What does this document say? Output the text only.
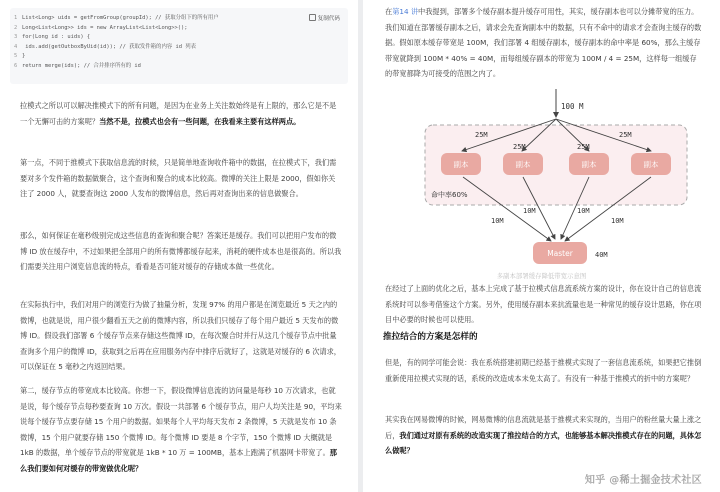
复制代码
1 List<Long> uids = getFromGroup(groupId); // 获取分组下的所有用户
2 Long<List<Long>> ids = new ArrayList<List<Long>>();
3 for(Long id : uids) {
4 ids.add(getOutboxByUid(id)); // 获取发件箱的内容 id 列表
5 }
6 return merge(ids); // 合并排序所有的 id

拉模式之所以可以解决推模式下的所有问题，是因为在业务上关注数始终是有上限的，那么它是不是一个无懈可击的方案呢？当然不是，拉模式也会有一些问题，在我看来主要有这样两点。

第一点，不同于推模式下获取信息流的时候，只是简单地查询收件箱中的数据，在拉模式下，我们需要对多个发件箱的数据做聚合，这个查询和聚合的成本比较高。微博的关注上限是 2000，假如你关注了 2000 人，就要查询这 2000 人发布的微博信息，然后再对查询出来的信息做聚合。

那么，如何保证在毫秒级别完成这些信息的查询和聚合呢？答案还是缓存。我们可以把用户发布的微博 ID 放在缓存中，不过如果把全部用户的所有微博都缓存起来，消耗的硬件成本也是很高的。所以我们需要关注用户浏览信息流的特点，看看是否可能对缓存的存储成本做一些优化。

在实际执行中，我们对用户的浏览行为做了抽量分析，发现 97% 的用户都是在浏览最近 5 天之内的微博，也就是说，用户很少翻看五天之前的微博内容，所以我们只缓存了每个用户最近 5 天发布的微博 ID。假设我们部署 6 个缓存节点来存储这些微博 ID，在每次聚合时并行从这几个缓存节点中批量查询多个用户的微博 ID，获取到之后再在应用服务内存中排序后就好了，这就是对缓存的 6 次请求，可以保证在 5 毫秒之内返回结果。

第二，缓存节点的带宽成本比较高。你想一下，假设微博信息流的访问量是每秒 10 万次请求，也就是说，每个缓存节点每秒要查询 10 万次。假设一共部署 6 个缓存节点，用户人均关注是 90，平均来说每个缓存节点要存储 15 个用户的数据。如果每个人平均每天发布 2 条微博，5 天就是发布 10 条微博，15 个用户就要存储 150 个微博 ID。每个微博 ID 要是 8 个字节，150 个微博 ID 大概就是 1kB 的数据，单个缓存节点的带宽就是 1kB * 10 万 = 100MB，基本上跑满了机器网卡带宽了。那么我们要如何对缓存的带宽做优化呢？

在第14 讲中我提到，部署多个缓存副本提升缓存可用性，其实，缓存副本也可以分摊带宽的压力。我们知道在部署缓存副本之后，请求会先查询副本中的数据，只有不命中的请求才会查询主缓存的数据。假如原本缓存带宽是 100M，我们部署 4 组缓存副本，缓存副本的命中率是 60%，那么主缓存带宽就降到 100M * 40% = 40M，而每组缓存副本的带宽为 100M / 4 = 25M，这样每一组缓存的带宽都降为可接受的范围之内了。

100 M
25M
25M	25M
25M
副本	副本	副本	副本
命中率60%
10M
10M	10M
10M
Master	40M
多副本部署缓存降低带宽示意图

在经过了上面的优化之后，基本上完成了基于拉模式信息流系统方案的设计，你在设计自己的信息流系统时可以参考借鉴这个方案。另外，使用缓存副本来抗流量也是一种常见的缓存设计思路，你在项目中必要的时候也可以使用。

推拉结合的方案是怎样的

但是，有的同学可能会说：我在系统搭建初期已经基于推模式实现了一套信息流系统，如果把它推倒重新使用拉模式实现的话，系统的改造成本未免太高了。有没有一种基于推模式的折中的方案呢？

其实我在网易微博的时候，网易微博的信息流就是基于推模式来实现的，当用户的粉丝量大量上涨之后，我们通过对原有系统的改造实现了推拉结合的方式，也能够基本解决推模式存在的问题，具体怎么做呢？

知乎 @稀土掘金技术社区
